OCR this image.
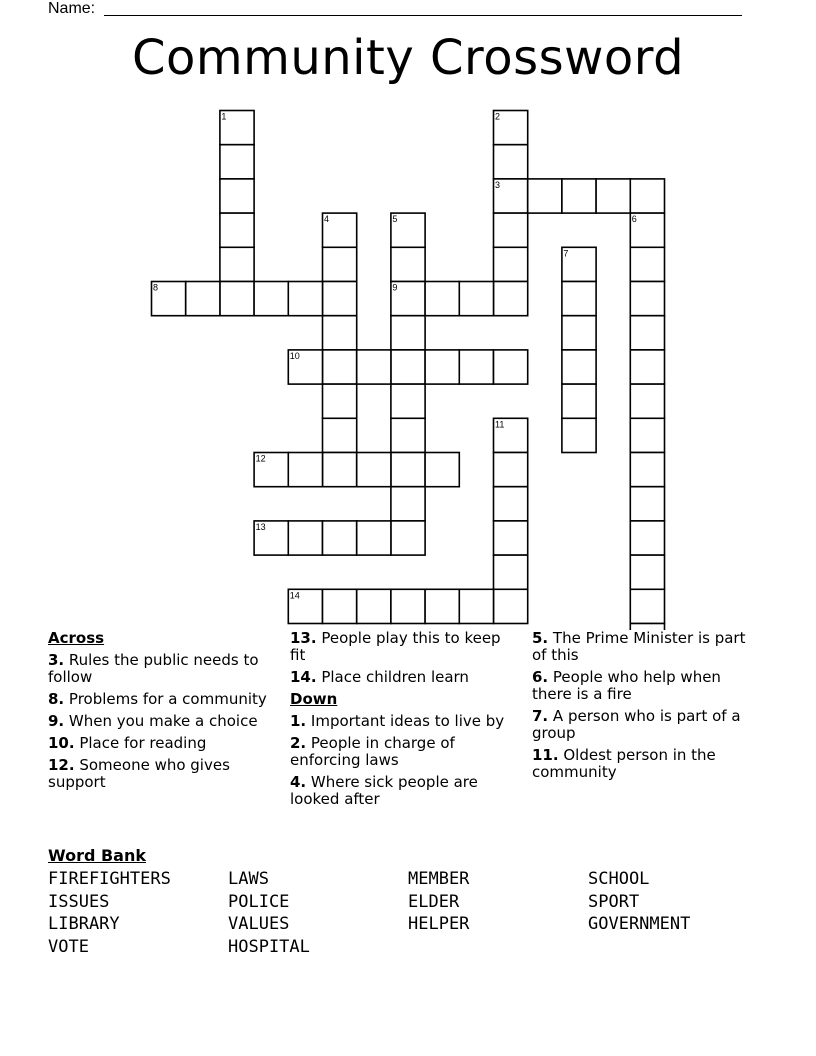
Name:
Community Crossword
1	2
3
4	5	6
7
8	9
10
11
12
13
14
Across
3. Rules the public needs to follow
8. Problems for a community
9. When you make a choice
10. Place for reading
12. Someone who gives support
13. People play this to keep fit
14. Place children learn
Down
1. Important ideas to live by
2. People in charge of enforcing laws
4. Where sick people are looked after
5. The Prime Minister is part of this
6. People who help when there is a fire
7. A person who is part of a group
11. Oldest person in the community
Word Bank
FIREFIGHTERS
ISSUES
LIBRARY
VOTE
LAWS
POLICE
VALUES
HOSPITAL
MEMBER
ELDER
HELPER
SCHOOL
SPORT
GOVERNMENT
